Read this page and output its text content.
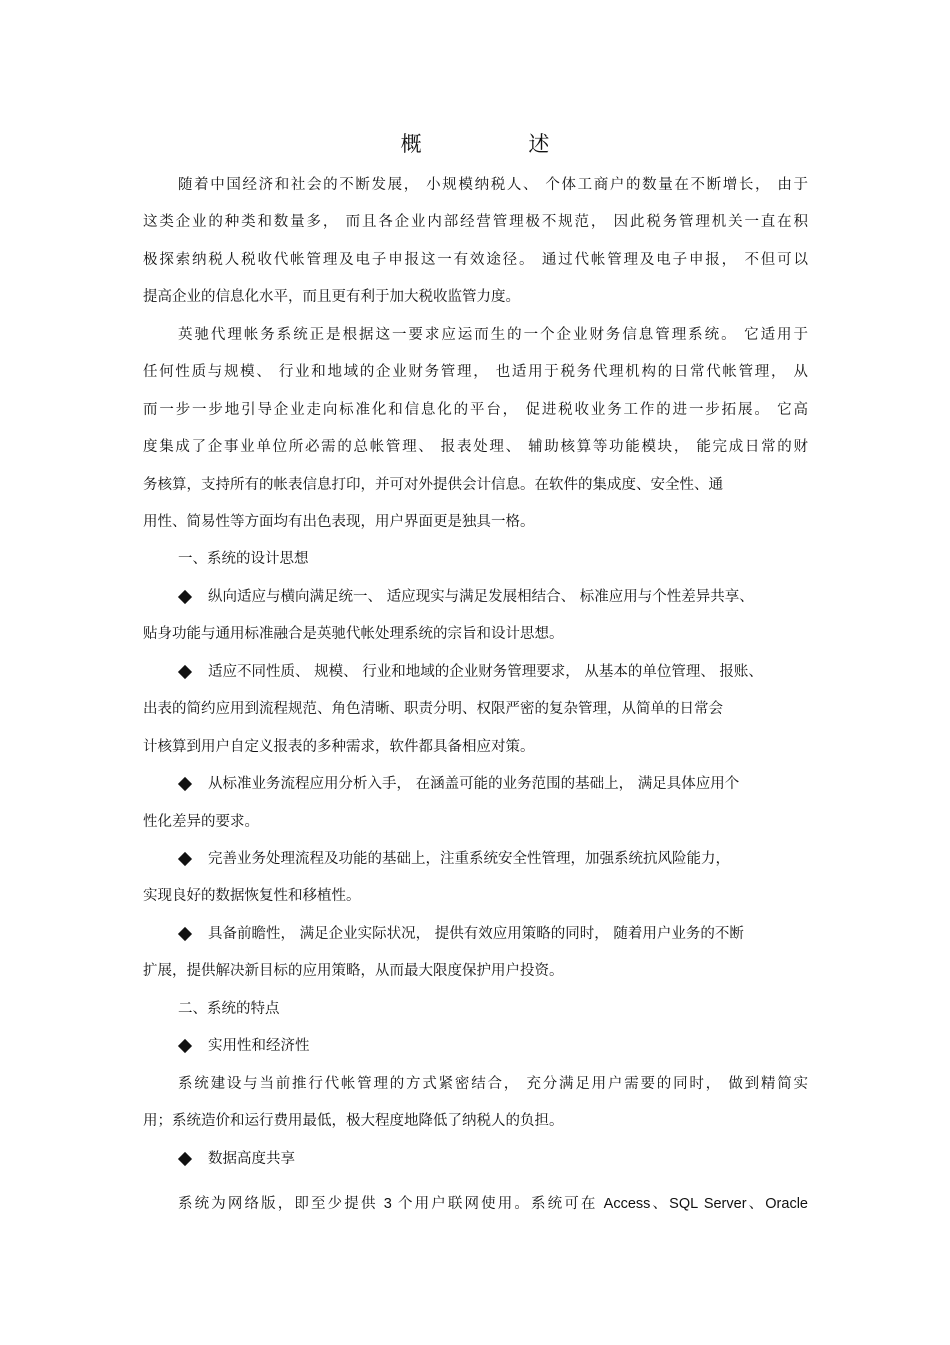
概 述
随着中国经济和社会的不断发展， 小规模纳税人、 个体工商户的数量在不断增长， 由于
这类企业的种类和数量多， 而且各企业内部经营管理极不规范， 因此税务管理机关一直在积
极探索纳税人税收代帐管理及电子申报这一有效途径。 通过代帐管理及电子申报， 不但可以
提高企业的信息化水平，而且更有利于加大税收监管力度。
英驰代理帐务系统正是根据这一要求应运而生的一个企业财务信息管理系统。 它适用于
任何性质与规模、 行业和地域的企业财务管理， 也适用于税务代理机构的日常代帐管理， 从
而一步一步地引导企业走向标准化和信息化的平台， 促进税收业务工作的进一步拓展。 它高
度集成了企事业单位所必需的总帐管理、 报表处理、 辅助核算等功能模块， 能完成日常的财
务核算，支持所有的帐表信息打印，并可对外提供会计信息。在软件的集成度、安全性、通
用性、简易性等方面均有出色表现，用户界面更是独具一格。
一、系统的设计思想
纵向适应与横向满足统一、 适应现实与满足发展相结合、 标准应用与个性差异共享、
贴身功能与通用标准融合是英驰代帐处理系统的宗旨和设计思想。
适应不同性质、 规模、 行业和地域的企业财务管理要求， 从基本的单位管理、 报账、
出表的简约应用到流程规范、角色清晰、职责分明、权限严密的复杂管理，从简单的日常会
计核算到用户自定义报表的多种需求，软件都具备相应对策。
从标准业务流程应用分析入手， 在涵盖可能的业务范围的基础上， 满足具体应用个
性化差异的要求。
完善业务处理流程及功能的基础上，注重系统安全性管理，加强系统抗风险能力，
实现良好的数据恢复性和移植性。
具备前瞻性， 满足企业实际状况， 提供有效应用策略的同时， 随着用户业务的不断
扩展，提供解决新目标的应用策略，从而最大限度保护用户投资。
二、系统的特点
实用性和经济性
系统建设与当前推行代帐管理的方式紧密结合， 充分满足用户需要的同时， 做到精简实
用；系统造价和运行费用最低，极大程度地降低了纳税人的负担。
数据高度共享
系统为网络版，即至少提供 3 个用户联网使用。系统可在 Access、SQL Server、Oracle
